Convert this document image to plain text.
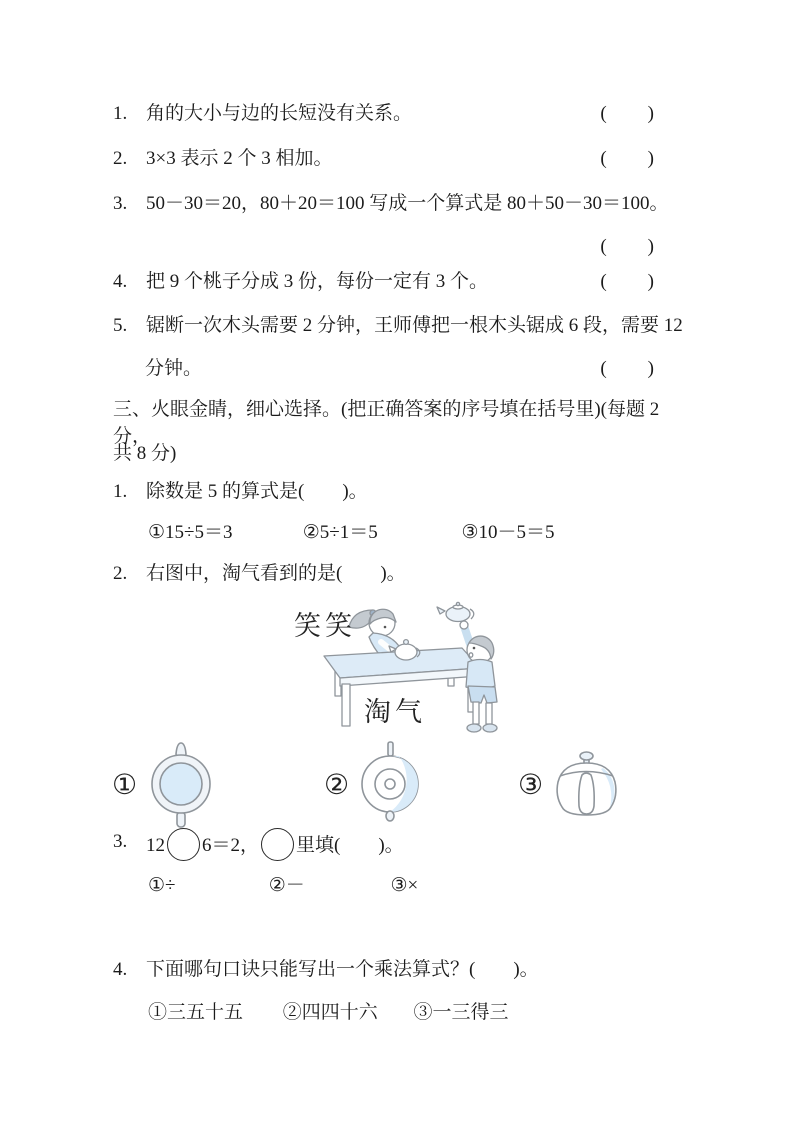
1. 角的大小与边的长短没有关系。	(　　)
2. 3×3 表示 2 个 3 相加。	(　　)
3. 50－30＝20，80＋20＝100 写成一个算式是 80＋50－30＝100。
(　　)
4. 把 9 个桃子分成 3 份，每份一定有 3 个。	(　　)
5. 锯断一次木头需要 2 分钟，王师傅把一根木头锯成 6 段，需要 12
分钟。	(　　)
三、火眼金睛，细心选择。(把正确答案的序号填在括号里)(每题 2 分，
共 8 分)
1. 除数是 5 的算式是(　　)。
①15÷5＝3	②5÷1＝5	③10－5＝5
2. 右图中，淘气看到的是(　　)。
笑笑
淘气
①	②	③
3. 12 6＝2， 里填(　　)。
①÷	②－	③×
4. 下面哪句口诀只能写出一个乘法算式？(　　)。
①三五十五 ②四四十六 ③一三得三
